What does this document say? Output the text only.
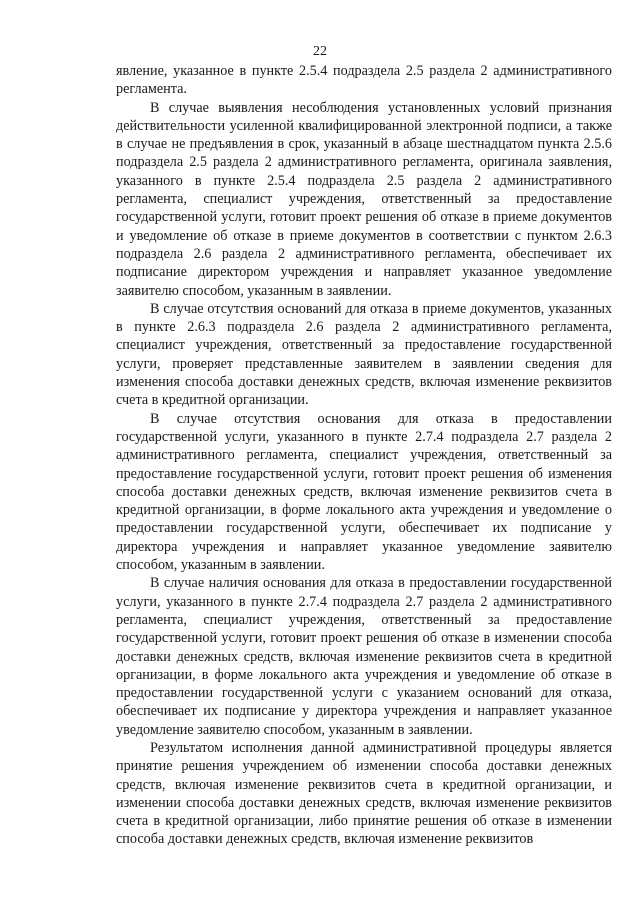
22

явление, указанное в пункте 2.5.4 подраздела 2.5 раздела 2 административного регламента.

В случае выявления несоблюдения установленных условий признания действительности усиленной квалифицированной электронной подписи, а также в случае не предъявления в срок, указанный в абзаце шестнадцатом пункта 2.5.6 подраздела 2.5 раздела 2 административного регламента, оригинала заявления, указанного в пункте 2.5.4 подраздела 2.5 раздела 2 административного регламента, специалист учреждения, ответственный за предоставление государственной услуги, готовит проект решения об отказе в приеме документов и уведомление об отказе в приеме документов в соответствии с пунктом 2.6.3 подраздела 2.6 раздела 2 административного регламента, обеспечивает их подписание директором учреждения и направляет указанное уведомление заявителю способом, указанным в заявлении.

В случае отсутствия оснований для отказа в приеме документов, указанных в пункте 2.6.3 подраздела 2.6 раздела 2 административного регламента, специалист учреждения, ответственный за предоставление государственной услуги, проверяет представленные заявителем в заявлении сведения для изменения способа доставки денежных средств, включая изменение реквизитов счета в кредитной организации.

В случае отсутствия основания для отказа в предоставлении государственной услуги, указанного в пункте 2.7.4 подраздела 2.7 раздела 2 административного регламента, специалист учреждения, ответственный за предоставление государственной услуги, готовит проект решения об изменения способа доставки денежных средств, включая изменение реквизитов счета в кредитной организации, в форме локального акта учреждения и уведомление о предоставлении государственной услуги, обеспечивает их подписание у директора учреждения и направляет указанное уведомление заявителю способом, указанным в заявлении.

В случае наличия основания для отказа в предоставлении государственной услуги, указанного в пункте 2.7.4 подраздела 2.7 раздела 2 административного регламента, специалист учреждения, ответственный за предоставление государственной услуги, готовит проект решения об отказе в изменении способа доставки денежных средств, включая изменение реквизитов счета в кредитной организации, в форме локального акта учреждения и уведомление об отказе в предоставлении государственной услуги с указанием оснований для отказа, обеспечивает их подписание у директора учреждения и направляет указанное уведомление заявителю способом, указанным в заявлении.

Результатом исполнения данной административной процедуры является принятие решения учреждением об изменении способа доставки денежных средств, включая изменение реквизитов счета в кредитной организации, и изменении способа доставки денежных средств, включая изменение реквизитов счета в кредитной организации, либо принятие решения об отказе в изменении способа доставки денежных средств, включая изменение реквизитов
